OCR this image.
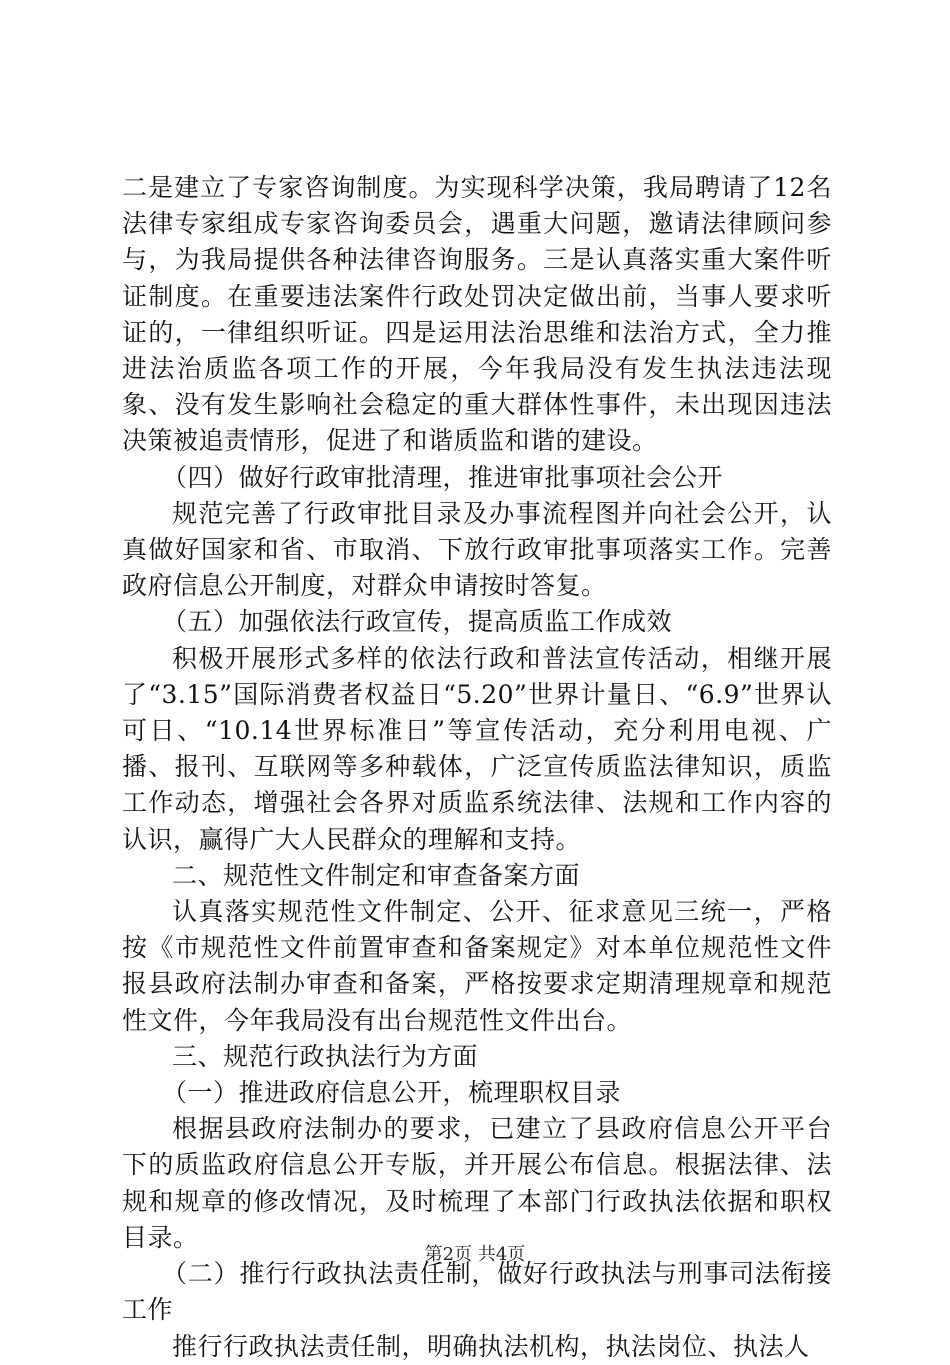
二是建立了专家咨询制度。为实现科学决策，我局聘请了12名法律专家组成专家咨询委员会，遇重大问题，邀请法律顾问参与，为我局提供各种法律咨询服务。三是认真落实重大案件听证制度。在重要违法案件行政处罚决定做出前，当事人要求听证的，一律组织听证。四是运用法治思维和法治方式，全力推进法治质监各项工作的开展，今年我局没有发生执法违法现象、没有发生影响社会稳定的重大群体性事件，未出现因违法决策被追责情形，促进了和谐质监和谐的建设。

（四）做好行政审批清理，推进审批事项社会公开

规范完善了行政审批目录及办事流程图并向社会公开，认真做好国家和省、市取消、下放行政审批事项落实工作。完善政府信息公开制度，对群众申请按时答复。

（五）加强依法行政宣传，提高质监工作成效

积极开展形式多样的依法行政和普法宣传活动，相继开展了“3.15”国际消费者权益日“5.20”世界计量日、“6.9”世界认可日、“10.14世界标准日”等宣传活动，充分利用电视、广播、报刊、互联网等多种载体，广泛宣传质监法律知识，质监工作动态，增强社会各界对质监系统法律、法规和工作内容的认识，赢得广大人民群众的理解和支持。

二、规范性文件制定和审查备案方面

认真落实规范性文件制定、公开、征求意见三统一，严格按《市规范性文件前置审查和备案规定》对本单位规范性文件报县政府法制办审查和备案，严格按要求定期清理规章和规范性文件，今年我局没有出台规范性文件出台。

三、规范行政执法行为方面

（一）推进政府信息公开，梳理职权目录

根据县政府法制办的要求，已建立了县政府信息公开平台下的质监政府信息公开专版，并开展公布信息。根据法律、法规和规章的修改情况，及时梳理了本部门行政执法依据和职权目录。

（二）推行行政执法责任制，做好行政执法与刑事司法衔接工作

推行行政执法责任制，明确执法机构，执法岗位、执法人

第2页 共4页
